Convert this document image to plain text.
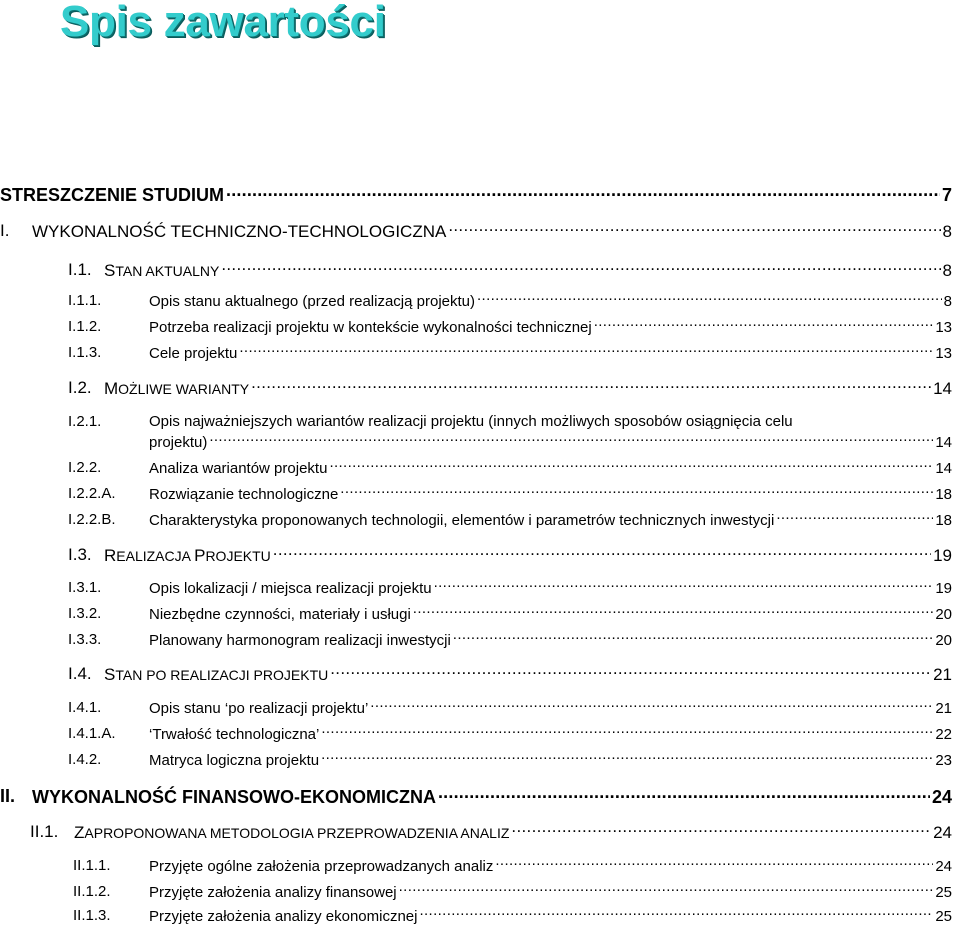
Spis zawartości
STRESZCZENIE STUDIUM . . .	7
I. WYKONALNOŚĆ TECHNICZNO-TECHNOLOGICZNA . . .	8
I.1. STAN AKTUALNY . . .	8
I.1.1.	Opis stanu aktualnego (przed realizacją projektu) . . .	8
I.1.2.	Potrzeba realizacji projektu w kontekście wykonalności technicznej . . .	13
I.1.3.	Cele projektu . . .	13
I.2. MOŻLIWE WARIANTY . . .	14
I.2.1.	Opis najważniejszych wariantów realizacji projektu (innych możliwych sposobów osiągnięcia celu
projektu) . . .	14
I.2.2.	Analiza wariantów projektu . . .	14
I.2.2.A. Rozwiązanie technologiczne . . .	18
I.2.2.B. Charakterystyka proponowanych technologii, elementów i parametrów technicznych inwestycji . . .	18
I.3. REALIZACJA PROJEKTU . . .	19
I.3.1.	Opis lokalizacji / miejsca realizacji projektu . . .	19
I.3.2.	Niezbędne czynności, materiały i usługi . . .	20
I.3.3.	Planowany harmonogram realizacji inwestycji . . .	20
I.4. STAN PO REALIZACJI PROJEKTU . . .	21
I.4.1.	Opis stanu ‘po realizacji projektu’ . . .	21
I.4.1.A. ‘Trwałość technologiczna’ . . .	22
I.4.2.	Matryca logiczna projektu . . .	23
II. WYKONALNOŚĆ FINANSOWO-EKONOMICZNA . . .	24
II.1. ZAPROPONOWANA METODOLOGIA PRZEPROWADZENIA ANALIZ . . .	24
II.1.1.	Przyjęte ogólne założenia przeprowadzanych analiz . . .	24
II.1.2.	Przyjęte założenia analizy finansowej . . .	25
II.1.3.	Przyjęte założenia analizy ekonomicznej . . .	25
